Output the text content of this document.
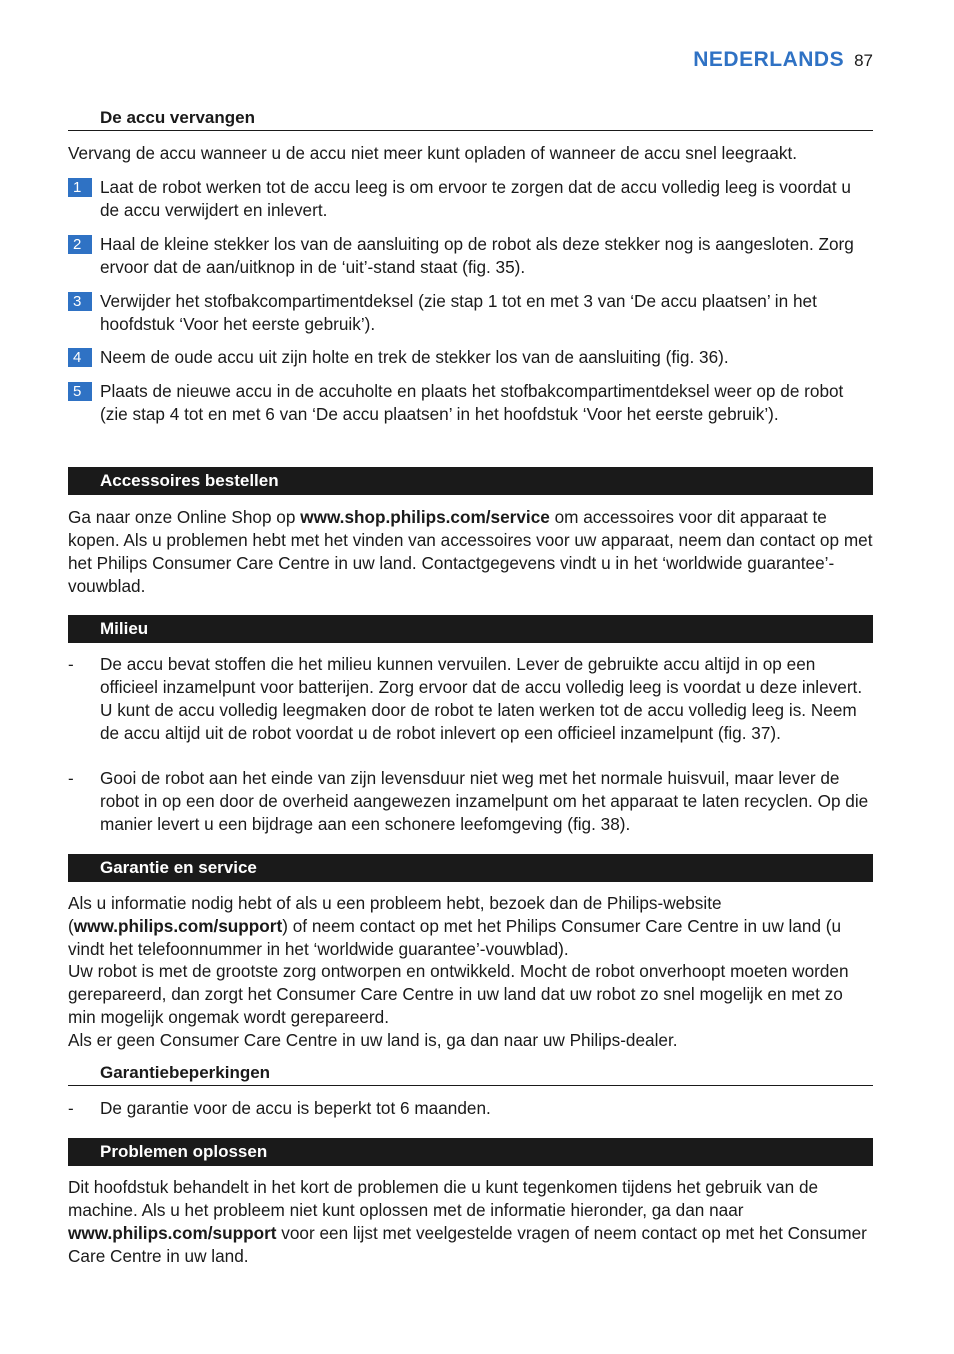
NEDERLANDS 87
De accu vervangen

Vervang de accu wanneer u de accu niet meer kunt opladen of wanneer de accu snel leegraakt.

1	Laat de robot werken tot de accu leeg is om ervoor te zorgen dat de accu volledig leeg is voordat u de accu verwijdert en inlevert.
2	Haal de kleine stekker los van de aansluiting op de robot als deze stekker nog is aangesloten. Zorg ervoor dat de aan/uitknop in de ‘uit’-stand staat (fig. 35).
3	Verwijder het stofbakcompartimentdeksel (zie stap 1 tot en met 3 van ‘De accu plaatsen’ in het hoofdstuk ‘Voor het eerste gebruik’).
4	Neem de oude accu uit zijn holte en trek de stekker los van de aansluiting (fig. 36).
5	Plaats de nieuwe accu in de accuholte en plaats het stofbakcompartimentdeksel weer op de robot (zie stap 4 tot en met 6 van ‘De accu plaatsen’ in het hoofdstuk ‘Voor het eerste gebruik’).
Accessoires bestellen

Ga naar onze Online Shop op www.shop.philips.com/service om accessoires voor dit apparaat te kopen. Als u problemen hebt met het vinden van accessoires voor uw apparaat, neem dan contact op met het Philips Consumer Care Centre in uw land. Contactgegevens vindt u in het ‘worldwide guarantee’-vouwblad.

Milieu
- De accu bevat stoffen die het milieu kunnen vervuilen. Lever de gebruikte accu altijd in op een officieel inzamelpunt voor batterijen. Zorg ervoor dat de accu volledig leeg is voordat u deze inlevert. U kunt de accu volledig leegmaken door de robot te laten werken tot de accu volledig leeg is. Neem de accu altijd uit de robot voordat u de robot inlevert op een officieel inzamelpunt (fig. 37).
- Gooi de robot aan het einde van zijn levensduur niet weg met het normale huisvuil, maar lever de robot in op een door de overheid aangewezen inzamelpunt om het apparaat te laten recyclen. Op die manier levert u een bijdrage aan een schonere leefomgeving (fig. 38).
Garantie en service

Als u informatie nodig hebt of als u een probleem hebt, bezoek dan de Philips-website (www.philips.com/support) of neem contact op met het Philips Consumer Care Centre in uw land (u vindt het telefoonnummer in het ‘worldwide guarantee’-vouwblad).

Uw robot is met de grootste zorg ontworpen en ontwikkeld. Mocht de robot onverhoopt moeten worden gerepareerd, dan zorgt het Consumer Care Centre in uw land dat uw robot zo snel mogelijk en met zo min mogelijk ongemak wordt gerepareerd.

Als er geen Consumer Care Centre in uw land is, ga dan naar uw Philips-dealer.

Garantiebeperkingen
- De garantie voor de accu is beperkt tot 6 maanden.
Problemen oplossen

Dit hoofdstuk behandelt in het kort de problemen die u kunt tegenkomen tijdens het gebruik van de machine. Als u het probleem niet kunt oplossen met de informatie hieronder, ga dan naar www.philips.com/support voor een lijst met veelgestelde vragen of neem contact op met het Consumer Care Centre in uw land.
